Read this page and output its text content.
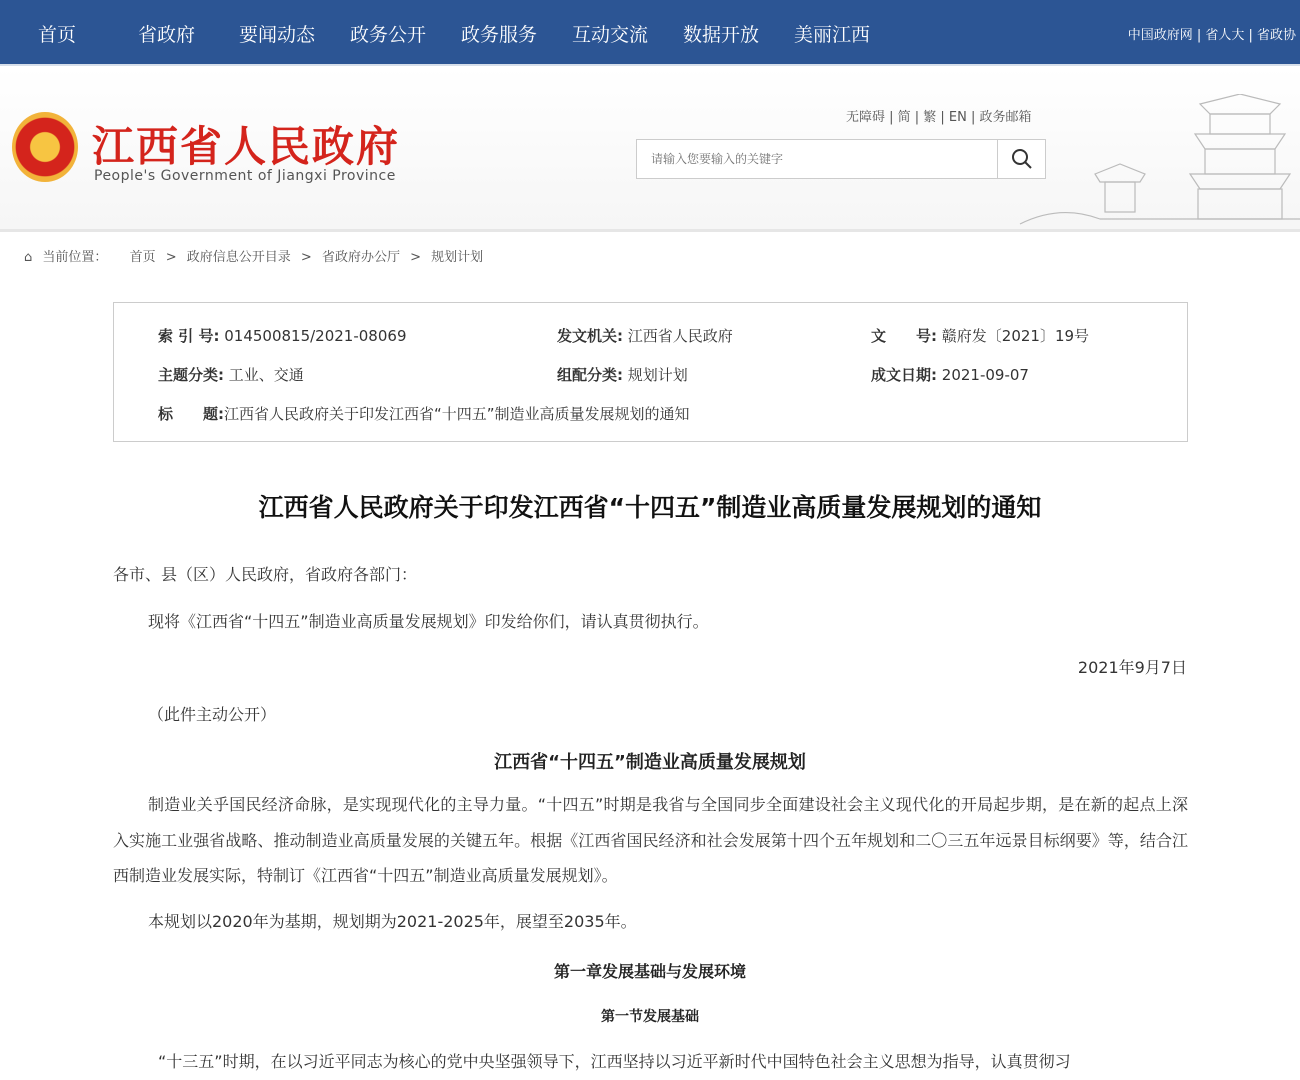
首页	省政府 要闻动态 政务公开 政务服务 互动交流 数据开放 美丽江西	中国政府网 | 省人大 | 省政协
江西省人民政府
People's Government of Jiangxi Province
无障碍 | 简 | 繁 | EN | 政务邮箱
请输入您要输入的关键字
⌂ 当前位置： 首页 > 政府信息公开目录 > 省政府办公厅 > 规划计划
索 引 号: 014500815/2021-08069	发文机关: 江西省人民政府	文　　号: 赣府发〔2021〕19号
主题分类: 工业、交通	组配分类: 规划计划	成文日期: 2021-09-07
标　　题:江西省人民政府关于印发江西省“十四五”制造业高质量发展规划的通知
江西省人民政府关于印发江西省“十四五”制造业高质量发展规划的通知
各市、县（区）人民政府，省政府各部门：
现将《江西省“十四五”制造业高质量发展规划》印发给你们，请认真贯彻执行。
2021年9月7日
（此件主动公开）
江西省“十四五”制造业高质量发展规划
制造业关乎国民经济命脉，是实现现代化的主导力量。“十四五”时期是我省与全国同步全面建设社会主义现代化的开局起步期，是在新的起点上深入实施工业强省战略、推动制造业高质量发展的关键五年。根据《江西省国民经济和社会发展第十四个五年规划和二〇三五年远景目标纲要》等，结合江西制造业发展实际，特制订《江西省“十四五”制造业高质量发展规划》。
本规划以2020年为基期，规划期为2021-2025年，展望至2035年。
第一章发展基础与发展环境
第一节发展基础
“十三五”时期，在以习近平同志为核心的党中央坚强领导下，江西坚持以习近平新时代中国特色社会主义思想为指导，认真贯彻习
